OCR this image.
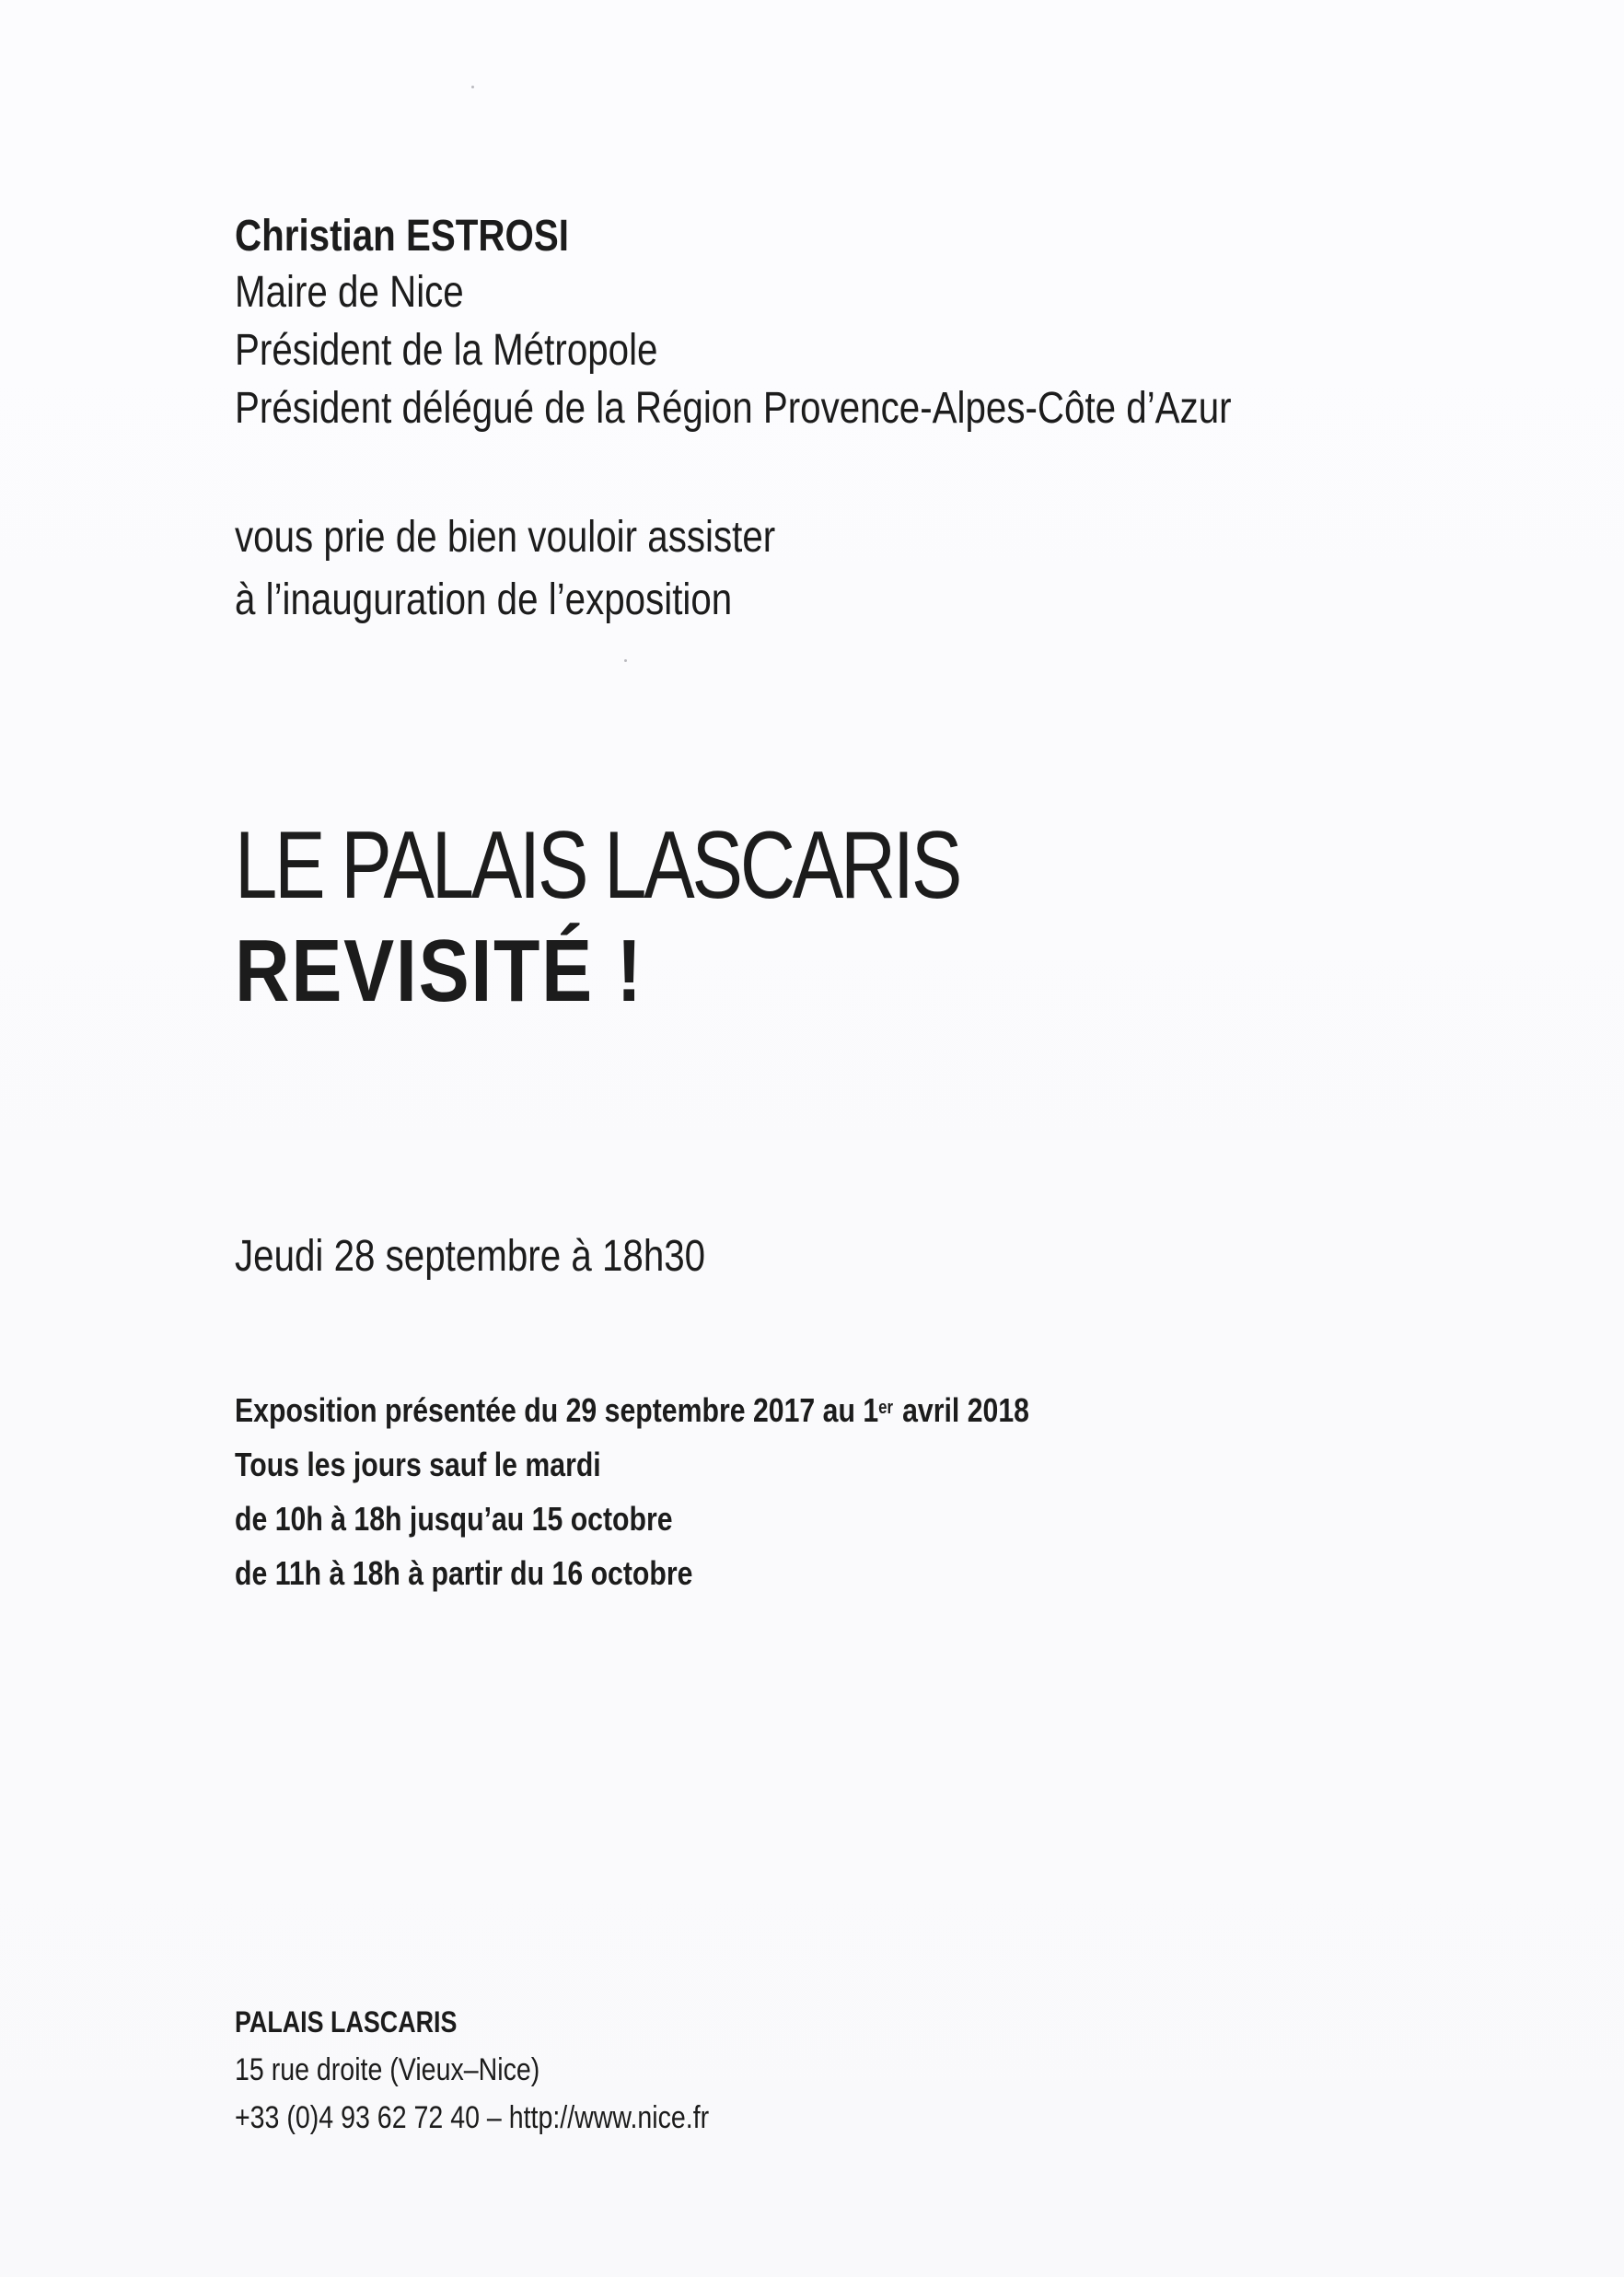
Christian ESTROSI
Maire de Nice
Président de la Métropole
Président délégué de la Région Provence-Alpes-Côte d’Azur
vous prie de bien vouloir assister
à l’inauguration de l’exposition
LE PALAIS LASCARIS
REVISITÉ !
Jeudi 28 septembre à 18h30
Exposition présentée du 29 septembre 2017 au 1er avril 2018
Tous les jours sauf le mardi
de 10h à 18h jusqu’au 15 octobre
de 11h à 18h à partir du 16 octobre
PALAIS LASCARIS
15 rue droite (Vieux–Nice)
+33 (0)4 93 62 72 40 – http://www.nice.fr
